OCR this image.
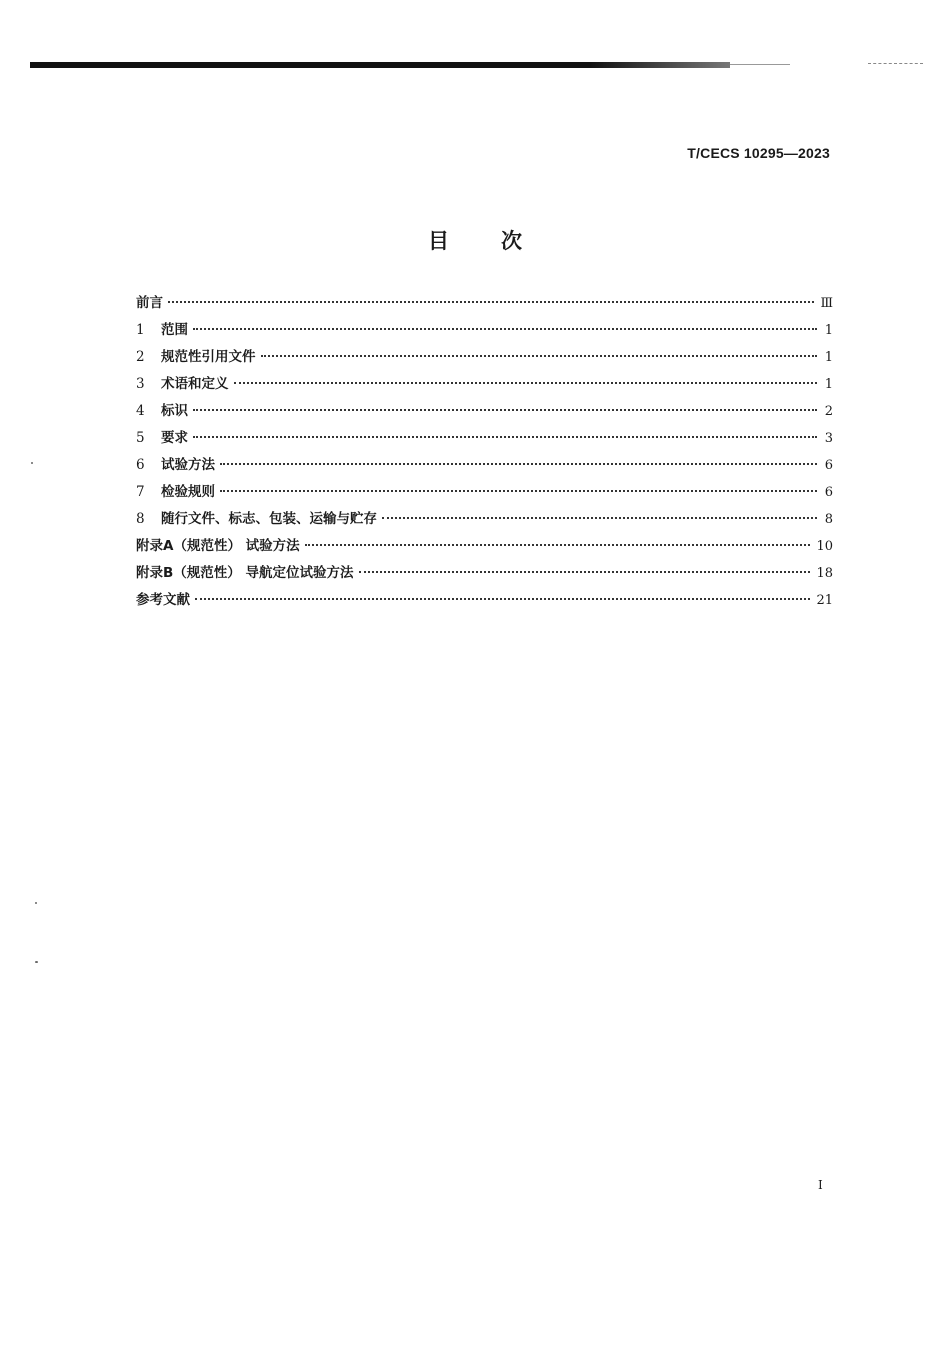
T/CECS 10295—2023
目次
前言	Ⅲ
1	范围	1
2	规范性引用文件	1
3	术语和定义	1
4	标识	2
5	要求	3
6	试验方法	6
7	检验规则	6
8	随行文件、标志、包装、运输与贮存	8
附录A（规范性） 试验方法	10
附录B（规范性） 导航定位试验方法	18
参考文献	21
I
